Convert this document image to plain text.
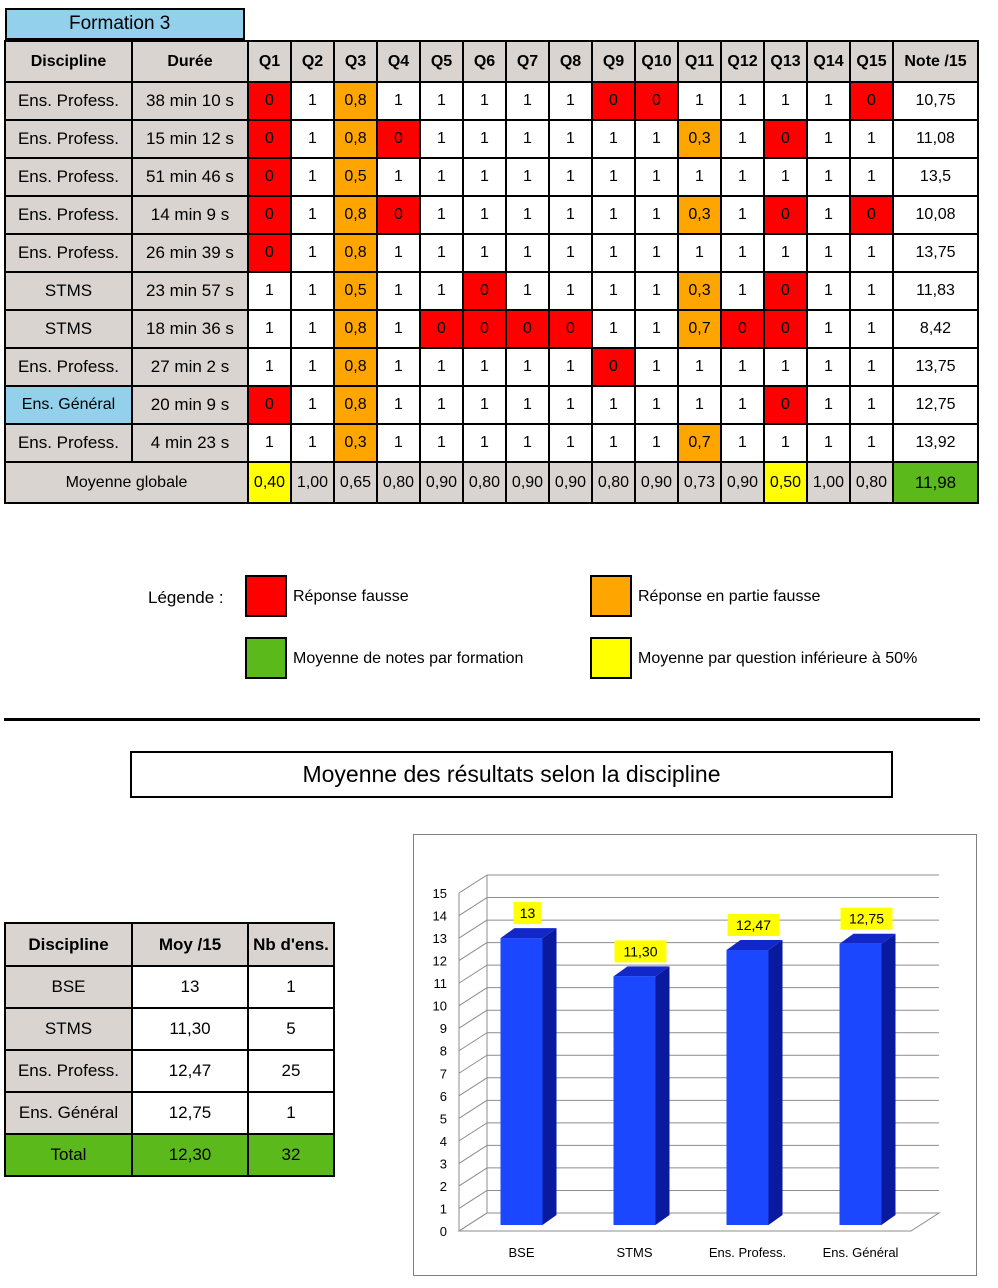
Formation 3
Discipline	Durée	Q1	Q2	Q3	Q4	Q5	Q6	Q7	Q8	Q9	Q10	Q11	Q12	Q13	Q14	Q15	Note /15
Ens. Profess.	38 min 10 s	0	1	0,8	1	1	1	1	1	0	0	1	1	1	1	0	10,75
Ens. Profess.	15 min 12 s	0	1	0,8	0	1	1	1	1	1	1	0,3	1	0	1	1	11,08
Ens. Profess.	51 min 46 s	0	1	0,5	1	1	1	1	1	1	1	1	1	1	1	1	13,5
Ens. Profess.	14 min 9 s	0	1	0,8	0	1	1	1	1	1	1	0,3	1	0	1	0	10,08
Ens. Profess.	26 min 39 s	0	1	0,8	1	1	1	1	1	1	1	1	1	1	1	1	13,75
STMS	23 min 57 s	1	1	0,5	1	1	0	1	1	1	1	0,3	1	0	1	1	11,83
STMS	18 min 36 s	1	1	0,8	1	0	0	0	0	1	1	0,7	0	0	1	1	8,42
Ens. Profess.	27 min 2 s	1	1	0,8	1	1	1	1	1	0	1	1	1	1	1	1	13,75
Ens. Général	20 min 9 s	0	1	0,8	1	1	1	1	1	1	1	1	1	0	1	1	12,75
Ens. Profess.	4 min 23 s	1	1	0,3	1	1	1	1	1	1	1	0,7	1	1	1	1	13,92
Moyenne globale		0,40	1,00	0,65	0,80	0,90	0,80	0,90	0,90	0,80	0,90	0,73	0,90	0,50	1,00	0,80	11,98
Légende :	Réponse fausse	Réponse en partie fausse
Moyenne de notes par formation	Moyenne par question inférieure à 50%
Moyenne des résultats selon la discipline
Discipline	Moy /15	Nb d'ens.
BSE	13	1
STMS	11,30	5
Ens. Profess.	12,47	25
Ens. Général	12,75	1
Total	12,30	32
0
1
2
3
4
5
6
7
8
9
10
11
12
13
14
15
13
BSE
11,30
STMS
12,47
Ens. Profess.
12,75
Ens. Général
